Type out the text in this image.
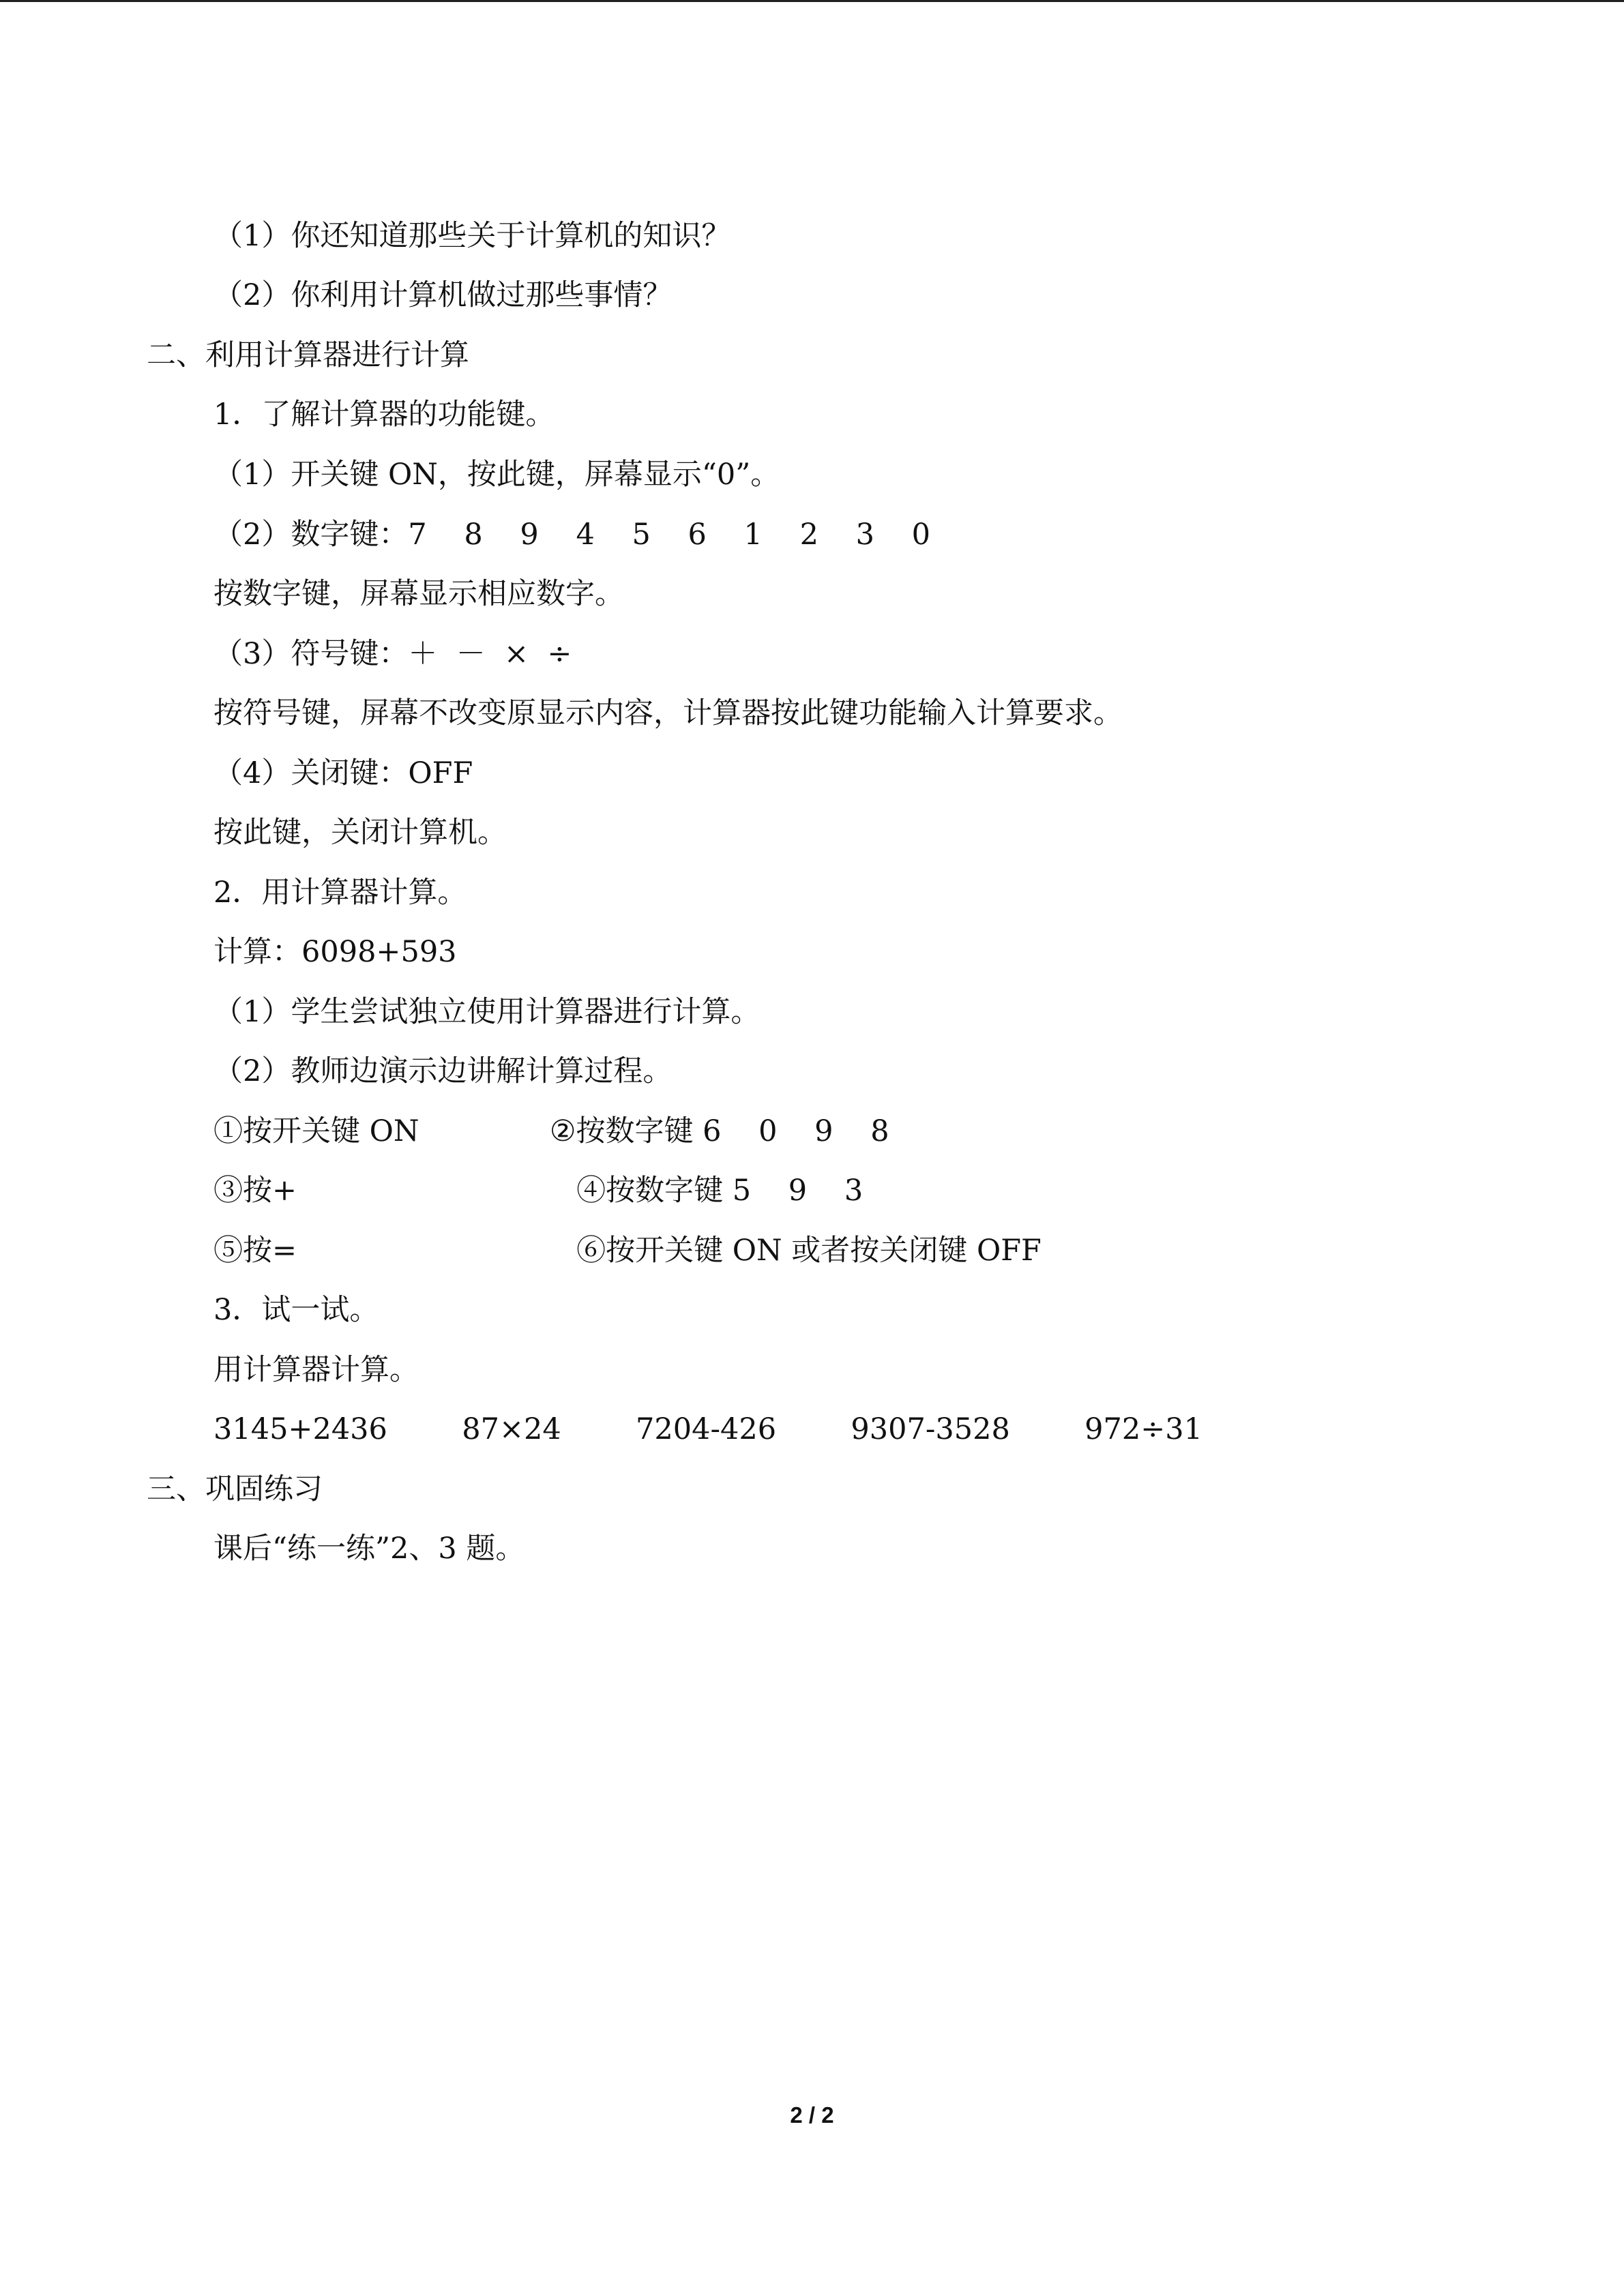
（1）你还知道那些关于计算机的知识？
（2）你利用计算机做过那些事情？
二、利用计算器进行计算
1．了解计算器的功能键。
（1）开关键 ON，按此键，屏幕显示“0”。
（2）数字键：7    8    9    4    5    6    1    2    3    0
按数字键，屏幕显示相应数字。
（3）符号键：＋  －  ×  ÷
按符号键，屏幕不改变原显示内容，计算器按此键功能输入计算要求。
（4）关闭键：OFF
按此键，关闭计算机。
2．用计算器计算。
计算：6098+593
（1）学生尝试独立使用计算器进行计算。
（2）教师边演示边讲解计算过程。
①按开关键 ON              ②按数字键 6    0    9    8
③按+                              ④按数字键 5    9    3
⑤按=                              ⑥按开关键 ON 或者按关闭键 OFF
3．试一试。
用计算器计算。
3145+2436        87×24        7204-426        9307-3528        972÷31
三、巩固练习
课后“练一练”2、3 题。
2 / 2
